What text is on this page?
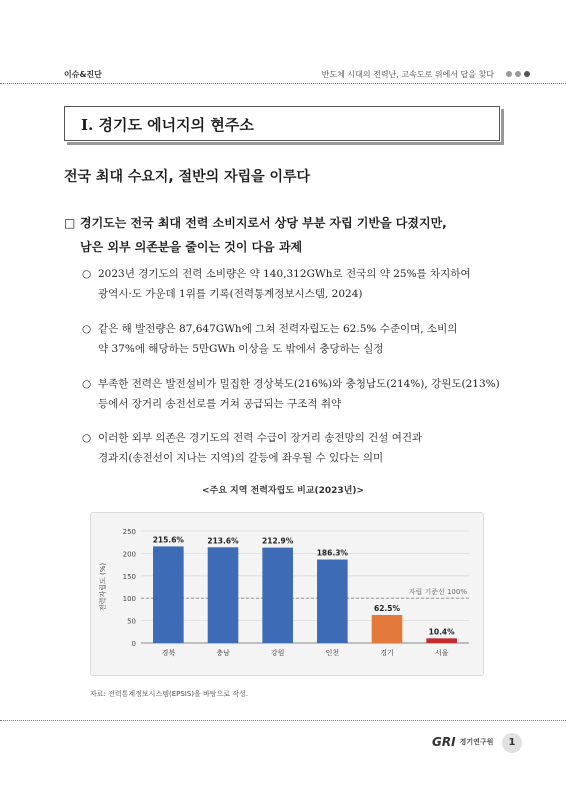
이슈&진단	반도체 시대의 전력난, 고속도로 위에서 답을 찾다
Ⅰ. 경기도 에너지의 현주소
전국 최대 수요지, 절반의 자립을 이루다
□ 경기도는 전국 최대 전력 소비지로서 상당 부분 자립 기반을 다졌지만,
남은 외부 의존분을 줄이는 것이 다음 과제
○ 2023년 경기도의 전력 소비량은 약 140,312GWh로 전국의 약 25%를 차지하여
광역시·도 가운데 1위를 기록(전력통계정보시스템, 2024)
○ 같은 해 발전량은 87,647GWh에 그쳐 전력자립도는 62.5% 수준이며, 소비의
약 37%에 해당하는 5만GWh 이상을 도 밖에서 충당하는 실정
○ 부족한 전력은 발전설비가 밀집한 경상북도(216%)와 충청남도(214%), 강원도(213%)
등에서 장거리 송전선로를 거쳐 공급되는 구조적 취약
○ 이러한 외부 의존은 경기도의 전력 수급이 장거리 송전망의 건설 여건과
경과지(송전선이 지나는 지역)의 갈등에 좌우될 수 있다는 의미
<주요 지역 전력자립도 비교(2023년)>
0
50
100
150
200
250
전력자립도 (%)	자립 기준선 100%
215.6%
경북
213.6%
충남
212.9%
강원
186.3%
인천
62.5%
경기
10.4%
서울
자료: 전력통계정보시스템(EPSIS)을 바탕으로 작성.
GRI 경기연구원	1
